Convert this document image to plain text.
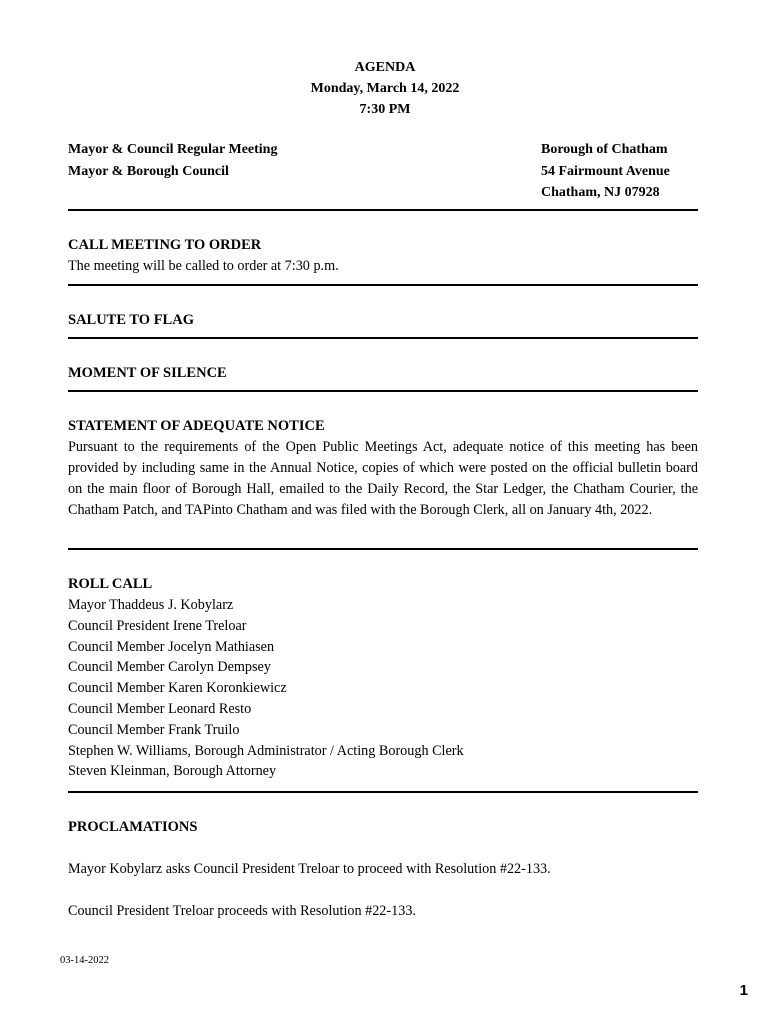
AGENDA
Monday, March 14, 2022
7:30 PM
Mayor & Council Regular Meeting
Mayor & Borough Council
Borough of Chatham
54 Fairmount Avenue
Chatham, NJ 07928
CALL MEETING TO ORDER
The meeting will be called to order at 7:30 p.m.
SALUTE TO FLAG
MOMENT OF SILENCE
STATEMENT OF ADEQUATE NOTICE
Pursuant to the requirements of the Open Public Meetings Act, adequate notice of this meeting has been provided by including same in the Annual Notice, copies of which were posted on the official bulletin board on the main floor of Borough Hall, emailed to the Daily Record, the Star Ledger, the Chatham Courier, the Chatham Patch, and TAPinto Chatham and was filed with the Borough Clerk, all on January 4th, 2022.
ROLL CALL
Mayor Thaddeus J. Kobylarz
Council President Irene Treloar
Council Member Jocelyn Mathiasen
Council Member Carolyn Dempsey
Council Member Karen Koronkiewicz
Council Member Leonard Resto
Council Member Frank Truilo
Stephen W. Williams, Borough Administrator / Acting Borough Clerk
Steven Kleinman, Borough Attorney
PROCLAMATIONS
Mayor Kobylarz asks Council President Treloar to proceed with Resolution #22-133.
Council President Treloar proceeds with Resolution #22-133.
03-14-2022
1
